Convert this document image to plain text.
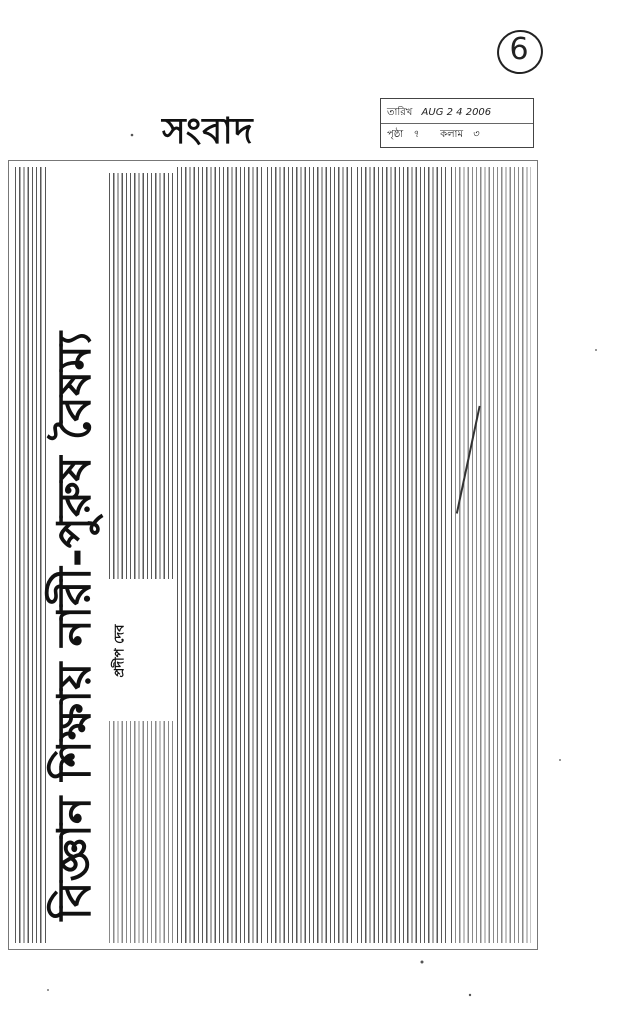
6
সংবাদ	তারিখ AUG 2 4 2006
পৃষ্ঠা ৭ কলাম ৩
বিজ্ঞান শিক্ষায় নারী-পুরুষ বৈষম্য প্রদীপ দেব
